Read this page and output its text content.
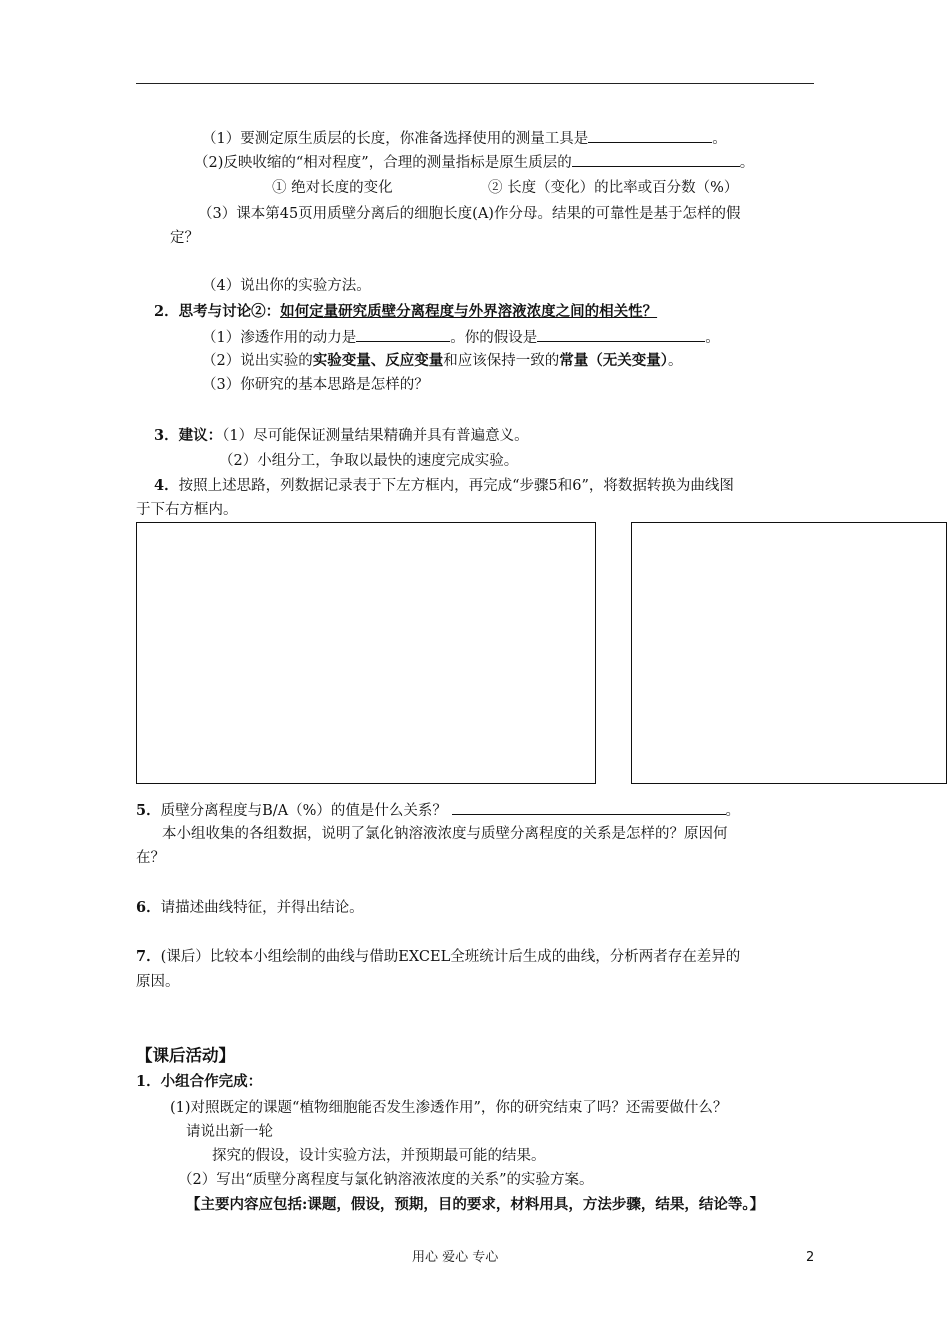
（1）要测定原生质层的长度，你准备选择使用的测量工具是	。
（2)反映收缩的“相对程度”，合理的测量指标是原生质层的	。
① 绝对长度的变化	② 长度（变化）的比率或百分数（%）
（3）课本第45页用质壁分离后的细胞长度(A)作分母。结果的可靠性是基于怎样的假
定？
（4）说出你的实验方法。
2．思考与讨论②：如何定量研究质壁分离程度与外界溶液浓度之间的相关性？
（1）渗透作用的动力是	。你的假设是	。
（2）说出实验的实验变量、反应变量和应该保持一致的常量（无关变量）。
（3）你研究的基本思路是怎样的？
3．建议：（1）尽可能保证测量结果精确并具有普遍意义。
（2）小组分工，争取以最快的速度完成实验。
4．按照上述思路，列数据记录表于下左方框内，再完成“步骤5和6”，将数据转换为曲线图
于下右方框内。
5．质壁分离程度与B/A（%）的值是什么关系？	。
本小组收集的各组数据，说明了氯化钠溶液浓度与质壁分离程度的关系是怎样的？原因何
在？
6．请描述曲线特征，并得出结论。
7．(课后）比较本小组绘制的曲线与借助EXCEL全班统计后生成的曲线，分析两者存在差异的
原因。
【课后活动】
1．小组合作完成：
(1)对照既定的课题“植物细胞能否发生渗透作用”，你的研究结束了吗？还需要做什么？
请说出新一轮
探究的假设，设计实验方法，并预期最可能的结果。
（2）写出“质壁分离程度与氯化钠溶液浓度的关系”的实验方案。
【主要内容应包括:课题，假设，预期，目的要求，材料用具，方法步骤，结果，结论等。】
用心 爱心 专心	2
